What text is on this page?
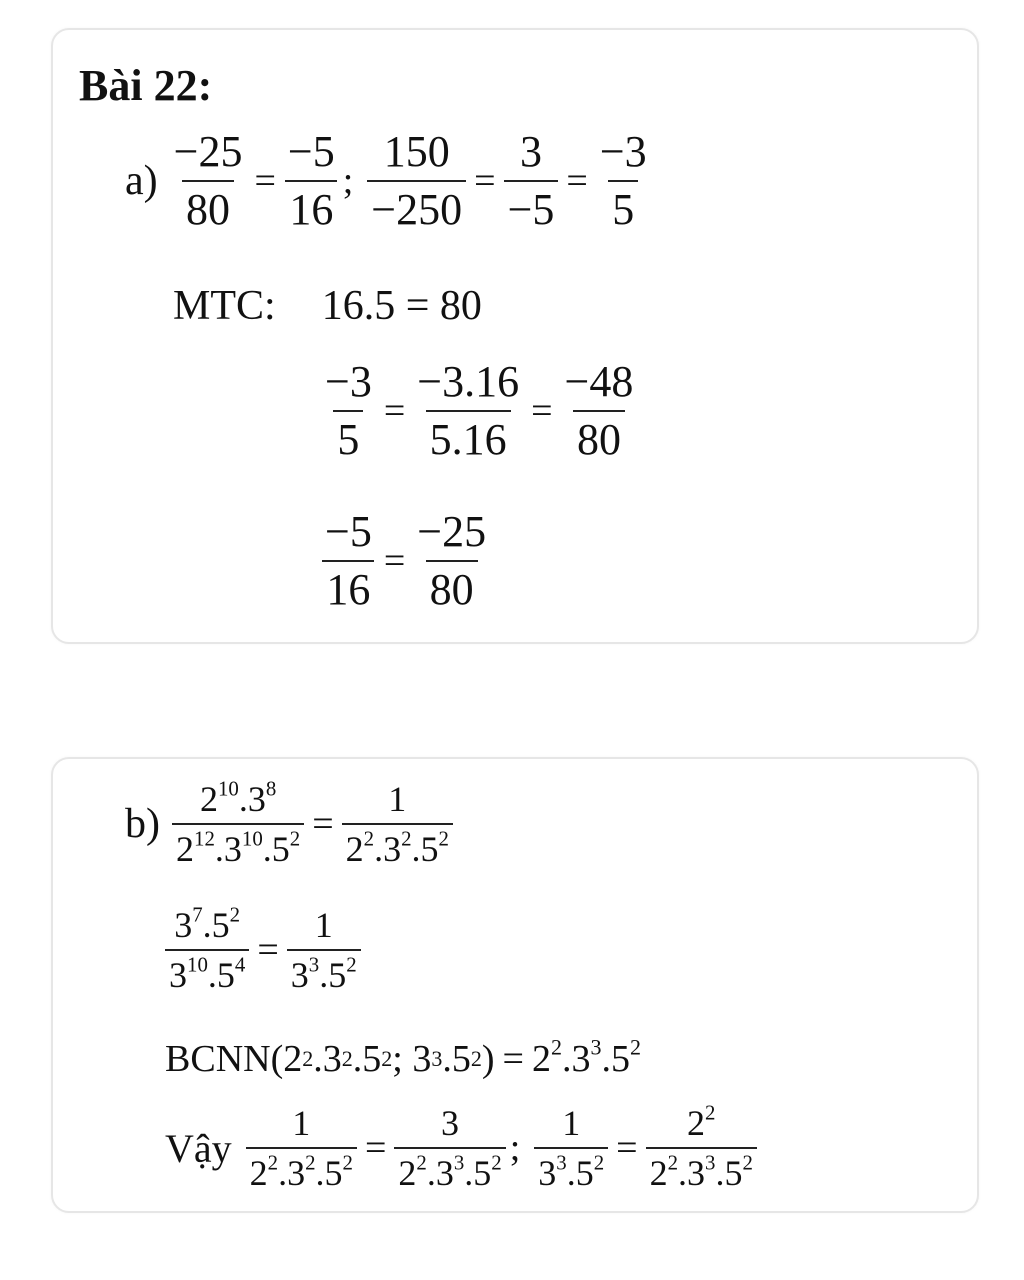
Bài 22:
$a) \frac{-25}{80} = \frac{-5}{16}$ ; $\frac{150}{-250} = \frac{3}{-5} = \frac{-3}{5}$
MTC: 16.5 = 80
$\frac{-3}{5} = \frac{-3.16}{5.16} = \frac{-48}{80}$
$\frac{-5}{16} = \frac{-25}{80}$
$b) \frac{2^{10}.3^8}{2^{12}.3^{10}.5^2} = \frac{1}{2^2.3^2.5^2}$
$\frac{3^7.5^2}{3^{10}.5^4} = \frac{1}{3^3.5^2}$
BCNN ( 2 2 . 3 2 . 5 2 ;
3 3 . 5 2 ) = $2^2.3^3.5^2$
Vậy $\frac{1}{2^2.3^2.5^2} = \frac{3}{2^2.3^3.5^2}$ ; $\frac{1}{3^3.5^2} = \frac{2^2}{2^2.3^3.5^2}$
